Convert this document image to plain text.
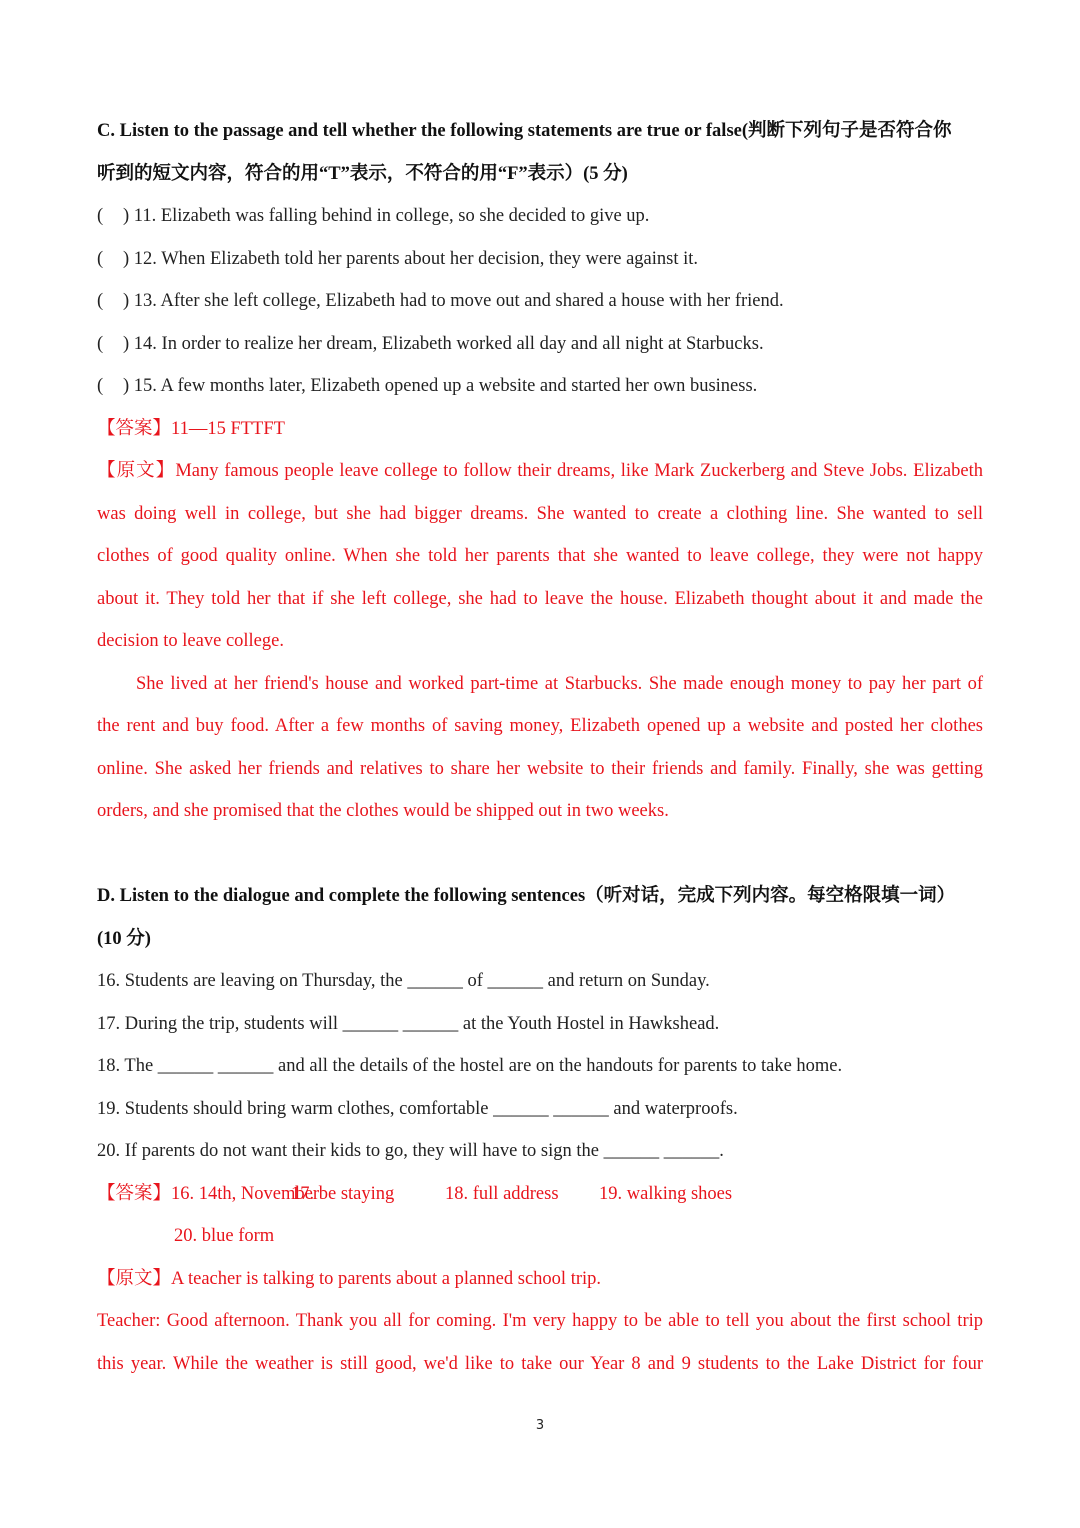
C. Listen to the passage and tell whether the following statements are true or false(判断下列句子是否符合你
听到的短文内容，符合的用“T”表示，不符合的用“F”表示）(5 分)
( ) 11. Elizabeth was falling behind in college, so she decided to give up.
( ) 12. When Elizabeth told her parents about her decision, they were against it.
( ) 13. After she left college, Elizabeth had to move out and shared a house with her friend.
( ) 14. In order to realize her dream, Elizabeth worked all day and all night at Starbucks.
( ) 15. A few months later, Elizabeth opened up a website and started her own business.
【答案】11—15 FTTFT
【原文】Many famous people leave college to follow their dreams, like Mark Zuckerberg and Steve Jobs. Elizabeth
was doing well in college, but she had bigger dreams. She wanted to create a clothing line. She wanted to sell
clothes of good quality online. When she told her parents that she wanted to leave college, they were not happy
about it. They told her that if she left college, she had to leave the house. Elizabeth thought about it and made the
decision to leave college.
She lived at her friend's house and worked part-time at Starbucks. She made enough money to pay her part of
the rent and buy food. After a few months of saving money, Elizabeth opened up a website and posted her clothes
online. She asked her friends and relatives to share her website to their friends and family. Finally, she was getting
orders, and she promised that the clothes would be shipped out in two weeks.
D. Listen to the dialogue and complete the following sentences（听对话，完成下列内容。每空格限填一词）
(10 分)
16. Students are leaving on Thursday, the ______ of ______ and return on Sunday.
17. During the trip, students will ______ ______ at the Youth Hostel in Hawkshead.
18. The ______ ______ and all the details of the hostel are on the handouts for parents to take home.
19. Students should bring warm clothes, comfortable ______ ______ and waterproofs.
20. If parents do not want their kids to go, they will have to sign the ______ ______.
【答案】16. 14th, November17. be staying	18. full address 19. walking shoes
20. blue form
【原文】A teacher is talking to parents about a planned school trip.
Teacher: Good afternoon. Thank you all for coming. I'm very happy to be able to tell you about the first school trip
this year. While the weather is still good, we'd like to take our Year 8 and 9 students to the Lake District for four
3
